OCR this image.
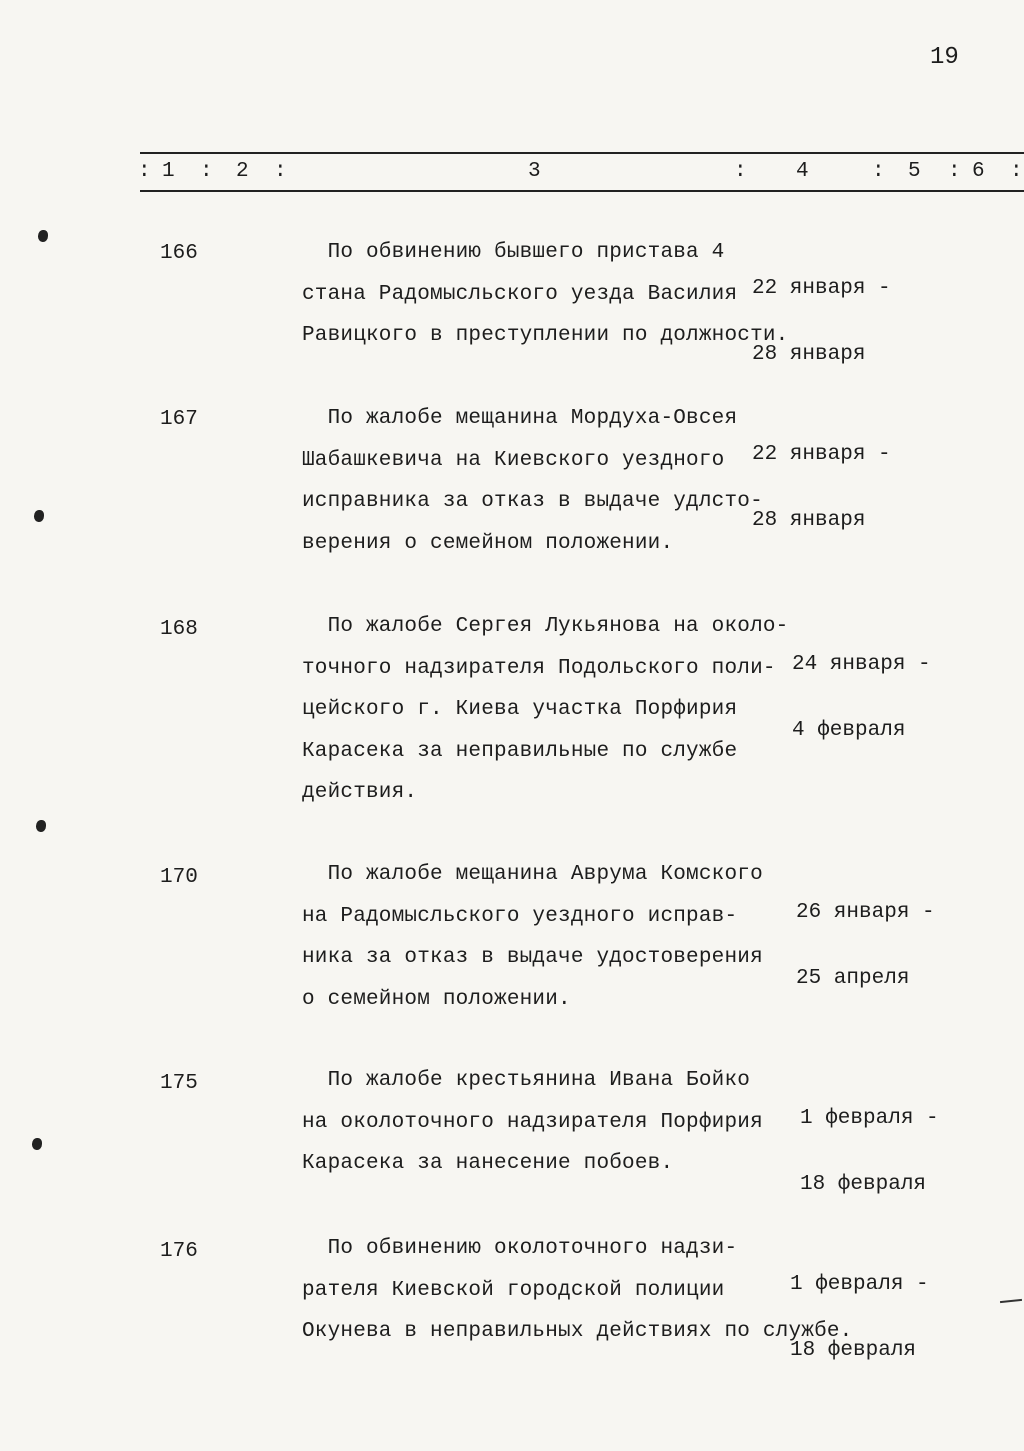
19
: 1 : 2 :	3	: 4	: 5 : 6 :
166	По обвинению бывшего пристава 4
стана Радомысльского уезда Василия
Равицкого в преступлении по должности.

22 января -

28 января

167	По жалобе мещанина Мордуха-Овсея
Шабашкевича на Киевского уездного
исправника за отказ в выдаче удлсто-
верения о семейном положении.

22 января -

28 января

168	По жалобе Сергея Лукьянова на около-
точного надзирателя Подольского поли-
цейского г. Киева участка Порфирия
Карасека за неправильные по службе
действия.

24 января -

4 февраля

170	По жалобе мещанина Аврума Комского
на Радомысльского уездного исправ-
ника за отказ в выдаче удостоверения
о семейном положении.

26 января -

25 апреля

175	По жалобе крестьянина Ивана Бойко
на околоточного надзирателя Порфирия
Карасека за нанесение побоев.

1 февраля -

18 февраля

176	По обвинению околоточного надзи-
рателя Киевской городской полиции
Окунева в неправильных действиях по службе.

1 февраля -

18 февраля
